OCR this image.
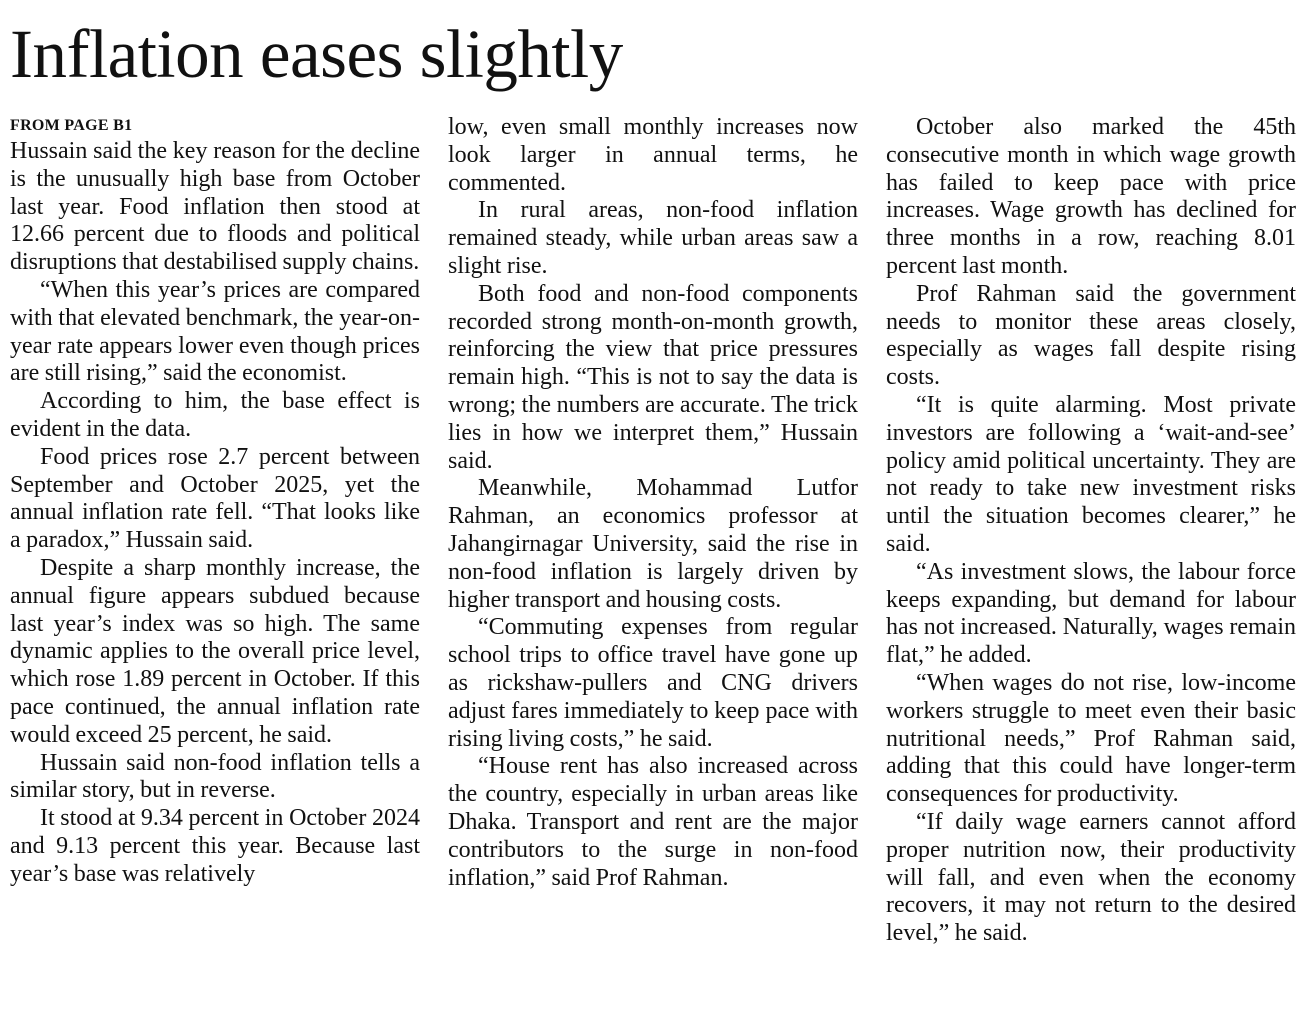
Inflation eases slightly
FROM PAGE B1

Hussain said the key reason for the decline is the unusually high base from October last year. Food inflation then stood at 12.66 percent due to floods and political disruptions that destabilised supply chains.

“When this year’s prices are compared with that elevated benchmark, the year-on-year rate appears lower even though prices are still rising,” said the economist.

According to him, the base effect is evident in the data.

Food prices rose 2.7 percent between September and October 2025, yet the annual inflation rate fell. “That looks like a paradox,” Hussain said.

Despite a sharp monthly increase, the annual figure appears subdued because last year’s index was so high. The same dynamic applies to the overall price level, which rose 1.89 percent in October. If this pace continued, the annual inflation rate would exceed 25 percent, he said.

Hussain said non-food inflation tells a similar story, but in reverse.

It stood at 9.34 percent in October 2024 and 9.13 percent this year. Because last year’s base was relatively

low, even small monthly increases now look larger in annual terms, he commented.

In rural areas, non-food inflation remained steady, while urban areas saw a slight rise.

Both food and non-food components recorded strong month-on-month growth, reinforcing the view that price pressures remain high. “This is not to say the data is wrong; the numbers are accurate. The trick lies in how we interpret them,” Hussain said.

Meanwhile, Mohammad Lutfor Rahman, an economics professor at Jahangirnagar University, said the rise in non-food inflation is largely driven by higher transport and housing costs.

“Commuting expenses from regular school trips to office travel have gone up as rickshaw-pullers and CNG drivers adjust fares immediately to keep pace with rising living costs,” he said.

“House rent has also increased across the country, especially in urban areas like Dhaka. Transport and rent are the major contributors to the surge in non-food inflation,” said Prof Rahman.

October also marked the 45th consecutive month in which wage growth has failed to keep pace with price increases. Wage growth has declined for three months in a row, reaching 8.01 percent last month.

Prof Rahman said the government needs to monitor these areas closely, especially as wages fall despite rising costs.

“It is quite alarming. Most private investors are following a ‘wait-and-see’ policy amid political uncertainty. They are not ready to take new investment risks until the situation becomes clearer,” he said.

“As investment slows, the labour force keeps expanding, but demand for labour has not increased. Naturally, wages remain flat,” he added.

“When wages do not rise, low-income workers struggle to meet even their basic nutritional needs,” Prof Rahman said, adding that this could have longer-term consequences for productivity.

“If daily wage earners cannot afford proper nutrition now, their productivity will fall, and even when the economy recovers, it may not return to the desired level,” he said.
